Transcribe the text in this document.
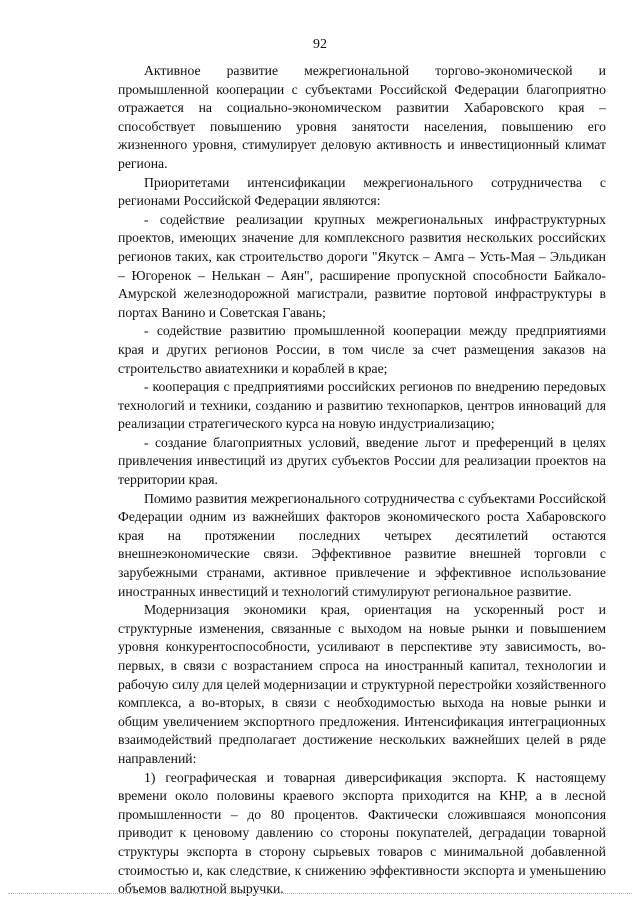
92

Активное развитие межрегиональной торгово-экономической и промышленной кооперации с субъектами Российской Федерации благоприятно отражается на социально-экономическом развитии Хабаровского края – способствует повышению уровня занятости населения, повышению его жизненного уровня, стимулирует деловую активность и инвестиционный климат региона.

Приоритетами интенсификации межрегионального сотрудничества с регионами Российской Федерации являются:

- содействие реализации крупных межрегиональных инфраструктурных проектов, имеющих значение для комплексного развития нескольких российских регионов таких, как строительство дороги "Якутск – Амга – Усть-Мая – Эльдикан – Югоренок – Нелькан – Аян", расширение пропускной способности Байкало-Амурской железнодорожной магистрали, развитие портовой инфраструктуры в портах Ванино и Советская Гавань;

- содействие развитию промышленной кооперации между предприятиями края и других регионов России, в том числе за счет размещения заказов на строительство авиатехники и кораблей в крае;

- кооперация с предприятиями российских регионов по внедрению передовых технологий и техники, созданию и развитию технопарков, центров инноваций для реализации стратегического курса на новую индустриализацию;

- создание благоприятных условий, введение льгот и преференций в целях привлечения инвестиций из других субъектов России для реализации проектов на территории края.

Помимо развития межрегионального сотрудничества с субъектами Российской Федерации одним из важнейших факторов экономического роста Хабаровского края на протяжении последних четырех десятилетий остаются внешнеэкономические связи. Эффективное развитие внешней торговли с зарубежными странами, активное привлечение и эффективное использование иностранных инвестиций и технологий стимулируют региональное развитие.

Модернизация экономики края, ориентация на ускоренный рост и структурные изменения, связанные с выходом на новые рынки и повышением уровня конкурентоспособности, усиливают в перспективе эту зависимость, во-первых, в связи с возрастанием спроса на иностранный капитал, технологии и рабочую силу для целей модернизации и структурной перестройки хозяйственного комплекса, а во-вторых, в связи с необходимостью выхода на новые рынки и общим увеличением экспортного предложения. Интенсификация интеграционных взаимодействий предполагает достижение нескольких важнейших целей в ряде направлений:

1) географическая и товарная диверсификация экспорта. К настоящему времени около половины краевого экспорта приходится на КНР, а в лесной промышленности – до 80 процентов. Фактически сложившаяся монопсония приводит к ценовому давлению со стороны покупателей, деградации товарной структуры экспорта в сторону сырьевых товаров с минимальной добавленной стоимостью и, как следствие, к снижению эффективности экспорта и уменьшению объемов валютной выручки.
